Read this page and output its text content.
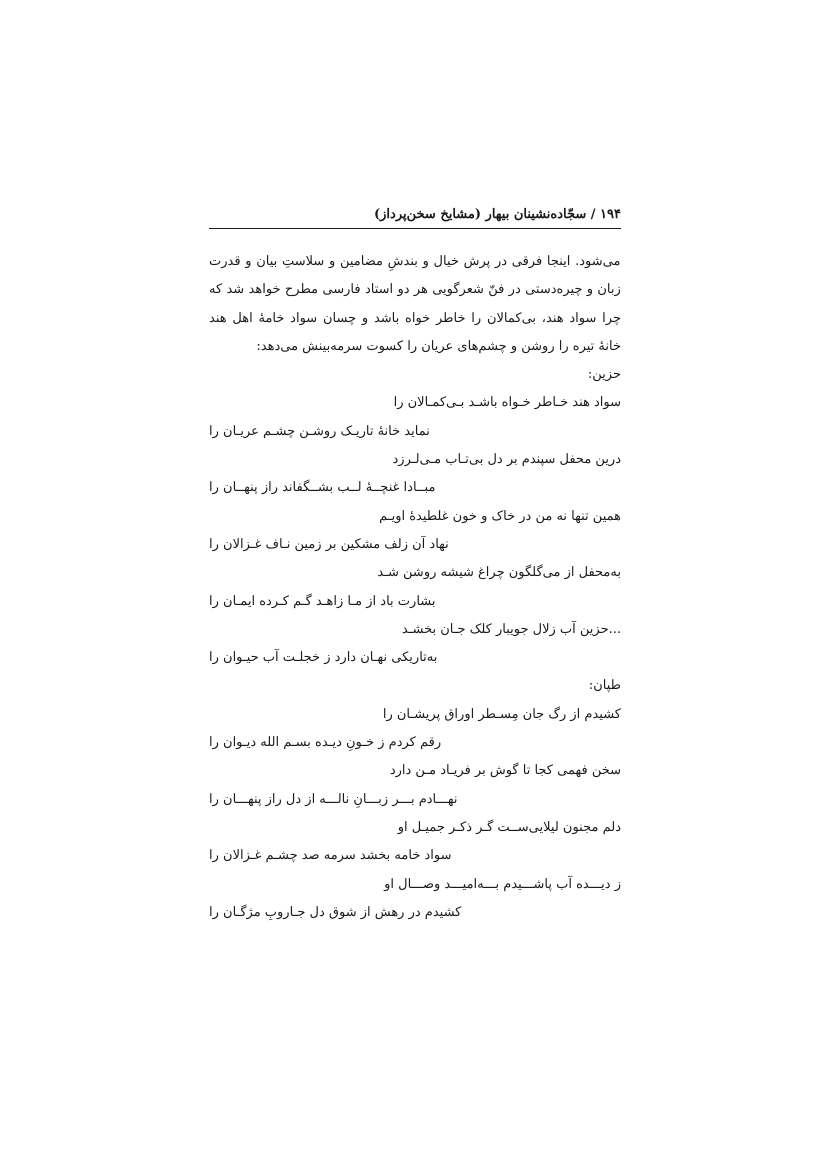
۱۹۴ / سجّاده‌نشینان بیهار (مشایخ سخن‌پرداز)
می‌شود. اینجا فرقی در پرش خیال و بندشِ مضامین و سلاستِ بیان و قدرت زبان و چیره‌دستی در فنّ شعرگویی هر دو استاد فارسی مطرح خواهد شد که چرا سواد هند، بی‌کمالان را خاطر خواه باشد و چسان سواد خامهٔ اهل هند خانهٔ تیره را روشن و چشم‌های عریان را کسوت سرمه‌بینش می‌دهد:
حزین:
سواد هند خـاطر خـواه باشـد بـی‌کمـالان را
نماید خانهٔ تاریـک روشـن چشـم عریـان را
درین محفل سپندم بر دل بی‌تـاب مـی‌لـرزد
مبــادا غنچــهٔ لــب بشــگفاند راز پنهــان را
همین تنها نه من در خاک و خون غلطیدهٔ اویـم
نهاد آن زلف مشکین بر زمین نـاف غـزالان را
به‌محفل از می‌گلگون چراغ شیشه روشن شـد
بشارت باد از مـا زاهـد گـم کـرده ایمـان را
...حزین آب زلال جویبار کلک جـان بخشـد
به‌تاریکی نهـان دارد ز خجلـت آب حیـوان را
طپان:
کشیدم از رگ جان مِسـطر اوراق پریشـان را
رقم کردم ز خـونِ دیـده بسـم الله دیـوان را
سخن فهمی کجا تا گوش بر فریـاد مـن دارد
نهـــادم بـــر زبـــانِ نالـــه از دل راز پنهـــان را
دلم مجنون لیلایی‌ســت گـر ذکـر جمیـل او
سواد خامه بخشد سرمه صد چشـم غـزالان را
ز دیـــده آب پاشـــیدم بـــه‌امیـــد وصـــال او
کشیدم در رهش از شوق دل جـاروبِ مژگـان را
